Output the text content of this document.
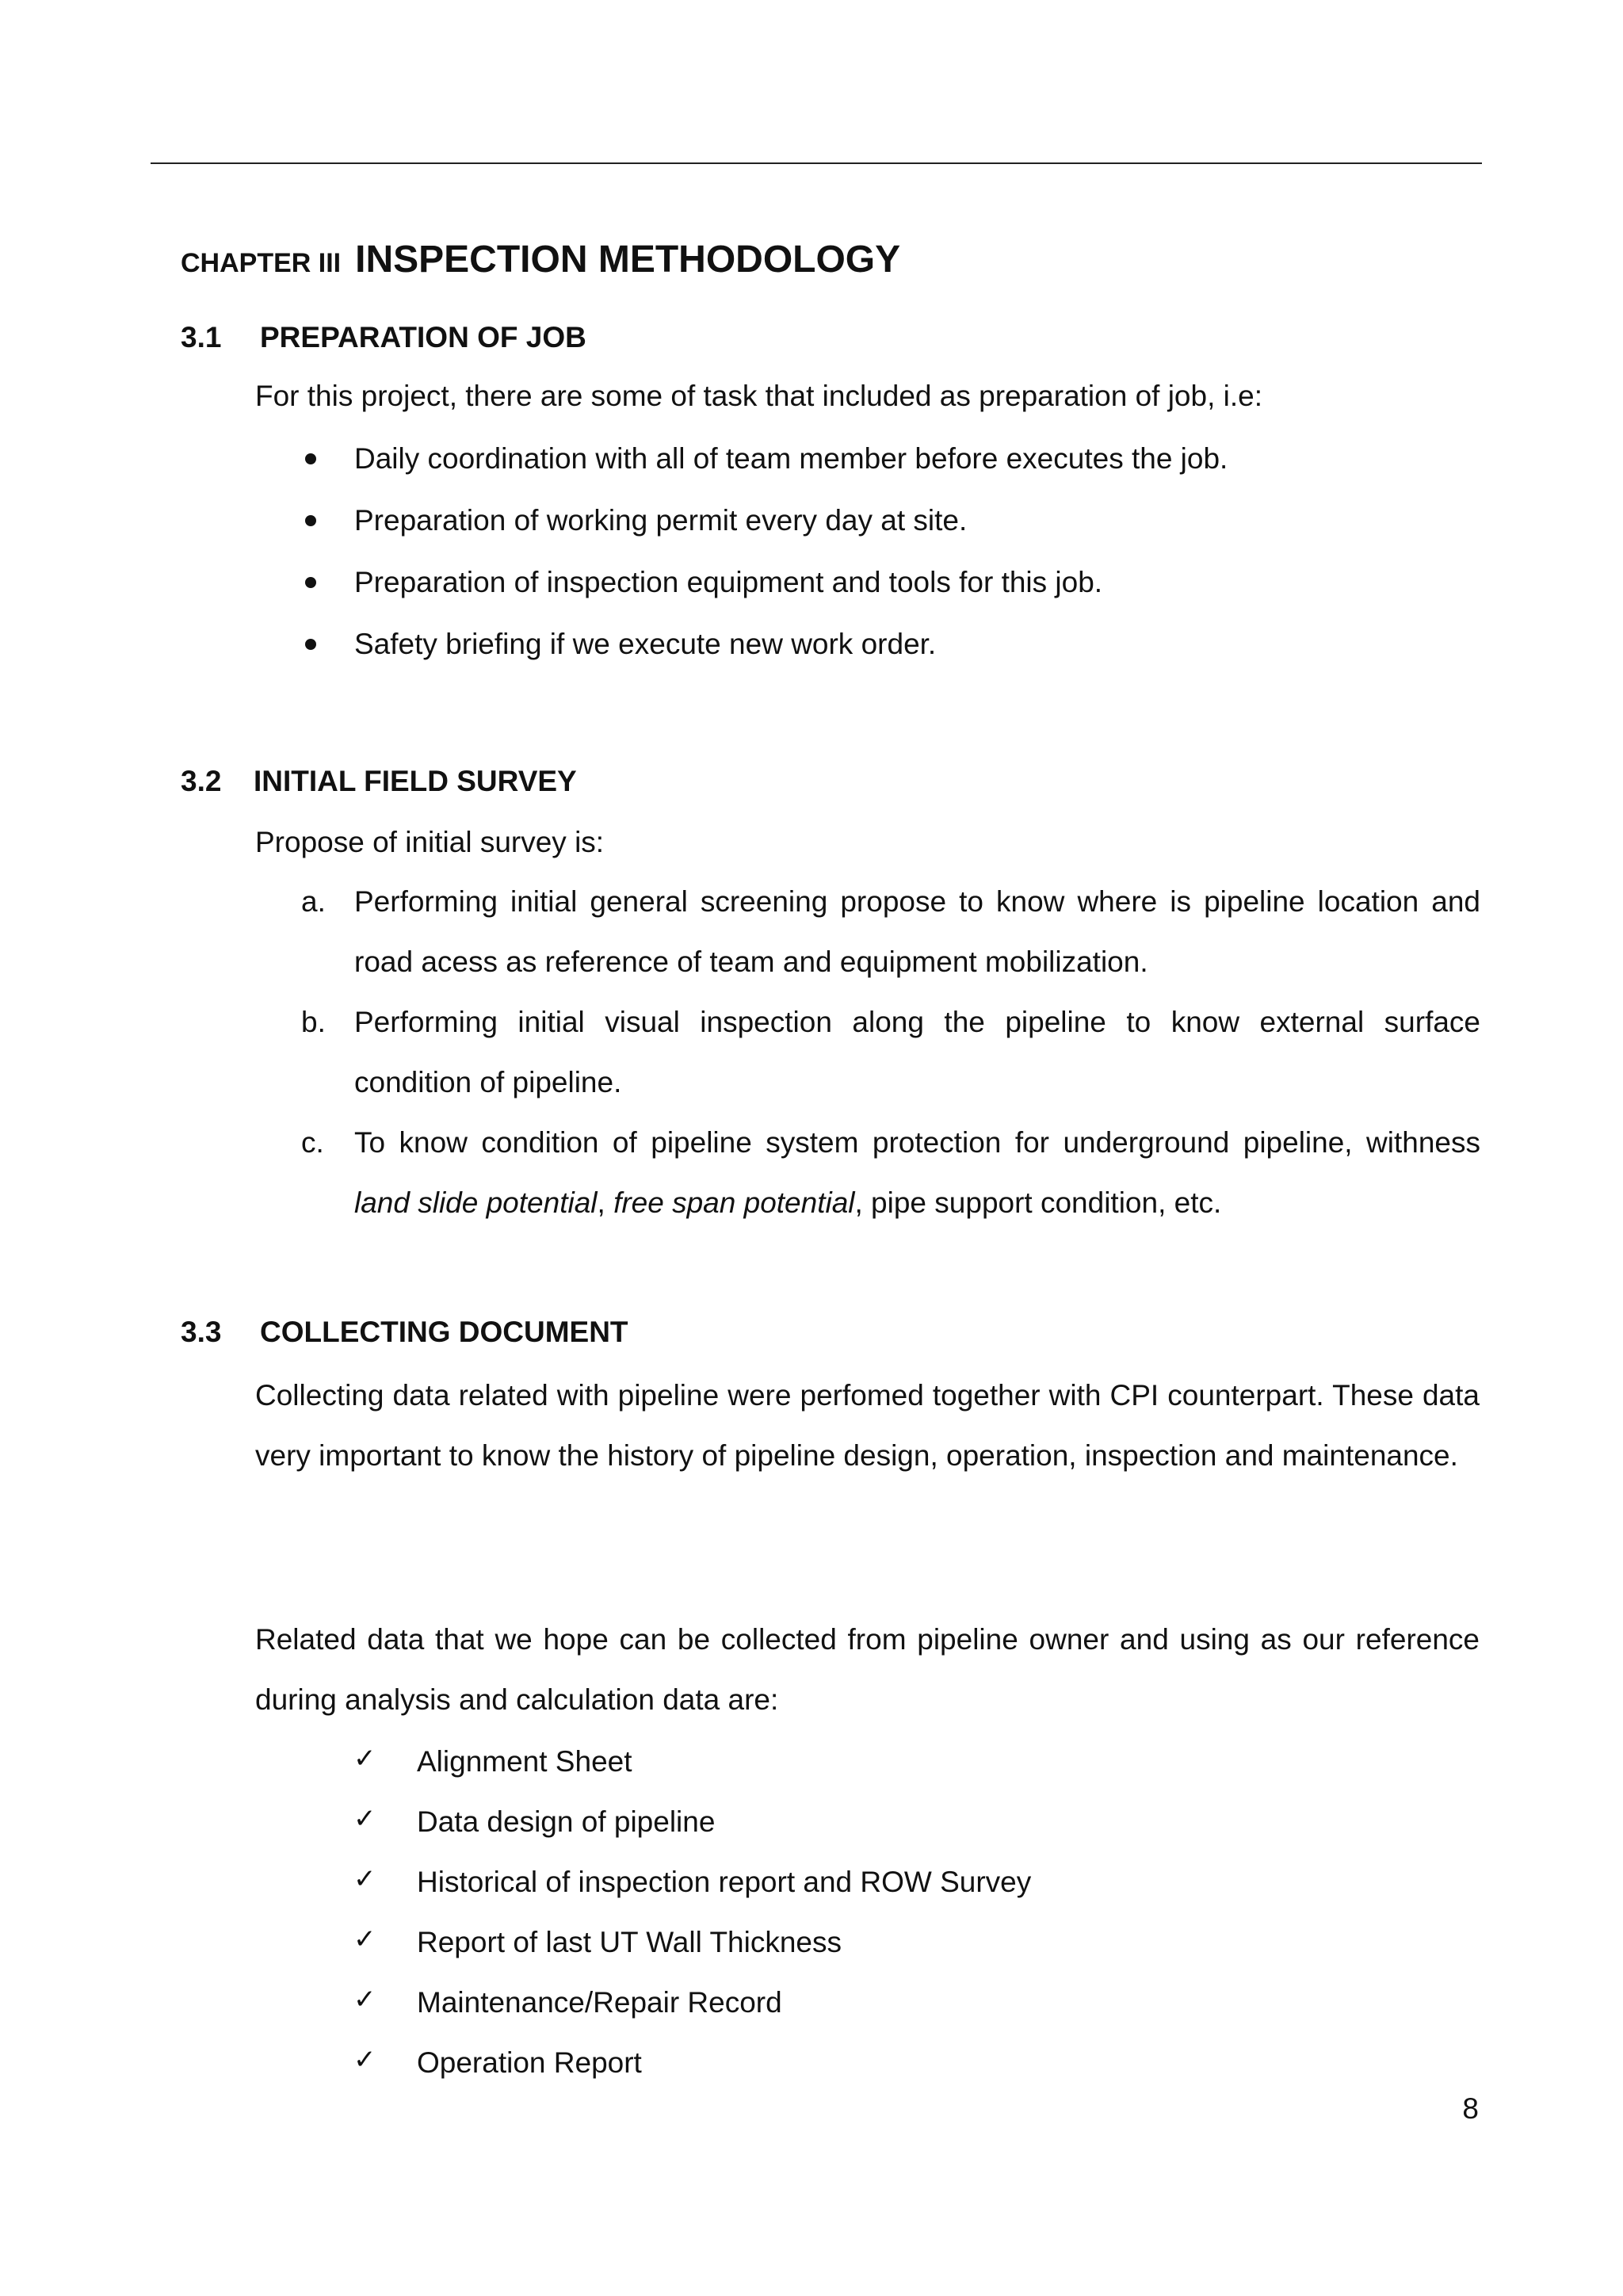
CHAPTER III INSPECTION METHODOLOGY
3.1 PREPARATION OF JOB

For this project, there are some of task that included as preparation of job, i.e:

Daily coordination with all of team member before executes the job.
Preparation of working permit every day at site.
Preparation of inspection equipment and tools for this job.
Safety briefing if we execute new work order.
3.2 INITIAL FIELD SURVEY

Propose of initial survey is:

a. Performing initial general screening propose to know where is pipeline location and road acess as reference of team and equipment mobilization.
b. Performing initial visual inspection along the pipeline to know external surface condition of pipeline.
c. To know condition of pipeline system protection for underground pipeline, withness land slide potential, free span potential, pipe support condition, etc.
3.3 COLLECTING DOCUMENT

Collecting data related with pipeline were perfomed together with CPI counterpart. These data very important to know the history of pipeline design, operation, inspection and maintenance.

Related data that we hope can be collected from pipeline owner and using as our reference during analysis and calculation data are:

✓ Alignment Sheet
✓ Data design of pipeline
✓ Historical of inspection report and ROW Survey
✓ Report of last UT Wall Thickness
✓ Maintenance/Repair Record
✓ Operation Report
8
